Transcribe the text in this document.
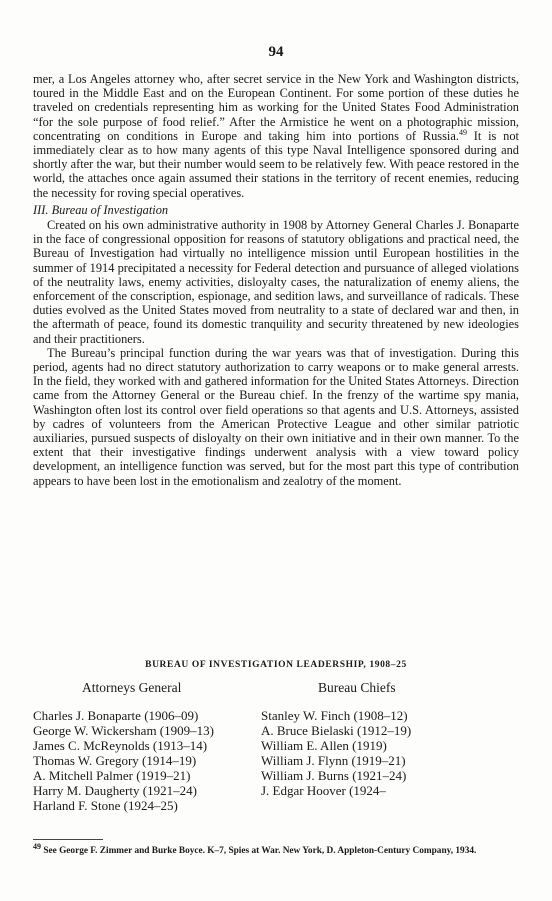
94

mer, a Los Angeles attorney who, after secret service in the New York and Washington districts, toured in the Middle East and on the European Continent. For some portion of these duties he traveled on credentials representing him as working for the United States Food Administration “for the sole purpose of food relief.” After the Armistice he went on a photographic mission, concentrating on conditions in Europe and taking him into portions of Russia.$^{49}$ It is not immediately clear as to how many agents of this type Naval Intelligence sponsored during and shortly after the war, but their number would seem to be relatively few. With peace restored in the world, the attaches once again assumed their stations in the territory of recent enemies, reducing the necessity for roving special operatives.

III. Bureau of Investigation

Created on his own administrative authority in 1908 by Attorney General Charles J. Bonaparte in the face of congressional opposition for reasons of statutory obligations and practical need, the Bureau of Investigation had virtually no intelligence mission until European hostilities in the summer of 1914 precipitated a necessity for Federal detection and pursuance of alleged violations of the neutrality laws, enemy activities, disloyalty cases, the naturalization of enemy aliens, the enforcement of the conscription, espionage, and sedition laws, and surveillance of radicals. These duties evolved as the United States moved from neutrality to a state of declared war and then, in the aftermath of peace, found its domestic tranquility and security threatened by new ideologies and their practitioners.

The Bureau’s principal function during the war years was that of investigation. During this period, agents had no direct statutory authorization to carry weapons or to make general arrests. In the field, they worked with and gathered information for the United States Attorneys. Direction came from the Attorney General or the Bureau chief. In the frenzy of the wartime spy mania, Washington often lost its control over field operations so that agents and U.S. Attorneys, assisted by cadres of volunteers from the American Protective League and other similar patriotic auxiliaries, pursued suspects of disloyalty on their own initiative and in their own manner. To the extent that their investigative findings underwent analysis with a view toward policy development, an intelligence function was served, but for the most part this type of contribution appears to have been lost in the emotionalism and zealotry of the moment.

BUREAU OF INVESTIGATION LEADERSHIP, 1908–25
Attorneys General	Bureau Chiefs
Charles J. Bonaparte (1906–09)
George W. Wickersham (1909–13)
James C. McReynolds (1913–14)
Thomas W. Gregory (1914–19)
A. Mitchell Palmer (1919–21)
Harry M. Daugherty (1921–24)
Harland F. Stone (1924–25)
Stanley W. Finch (1908–12)
A. Bruce Bielaski (1912–19)
William E. Allen (1919)
William J. Flynn (1919–21)
William J. Burns (1921–24)
J. Edgar Hoover (1924–
49 See George F. Zimmer and Burke Boyce. K–7, Spies at War. New York, D. Appleton-Century Company, 1934.
